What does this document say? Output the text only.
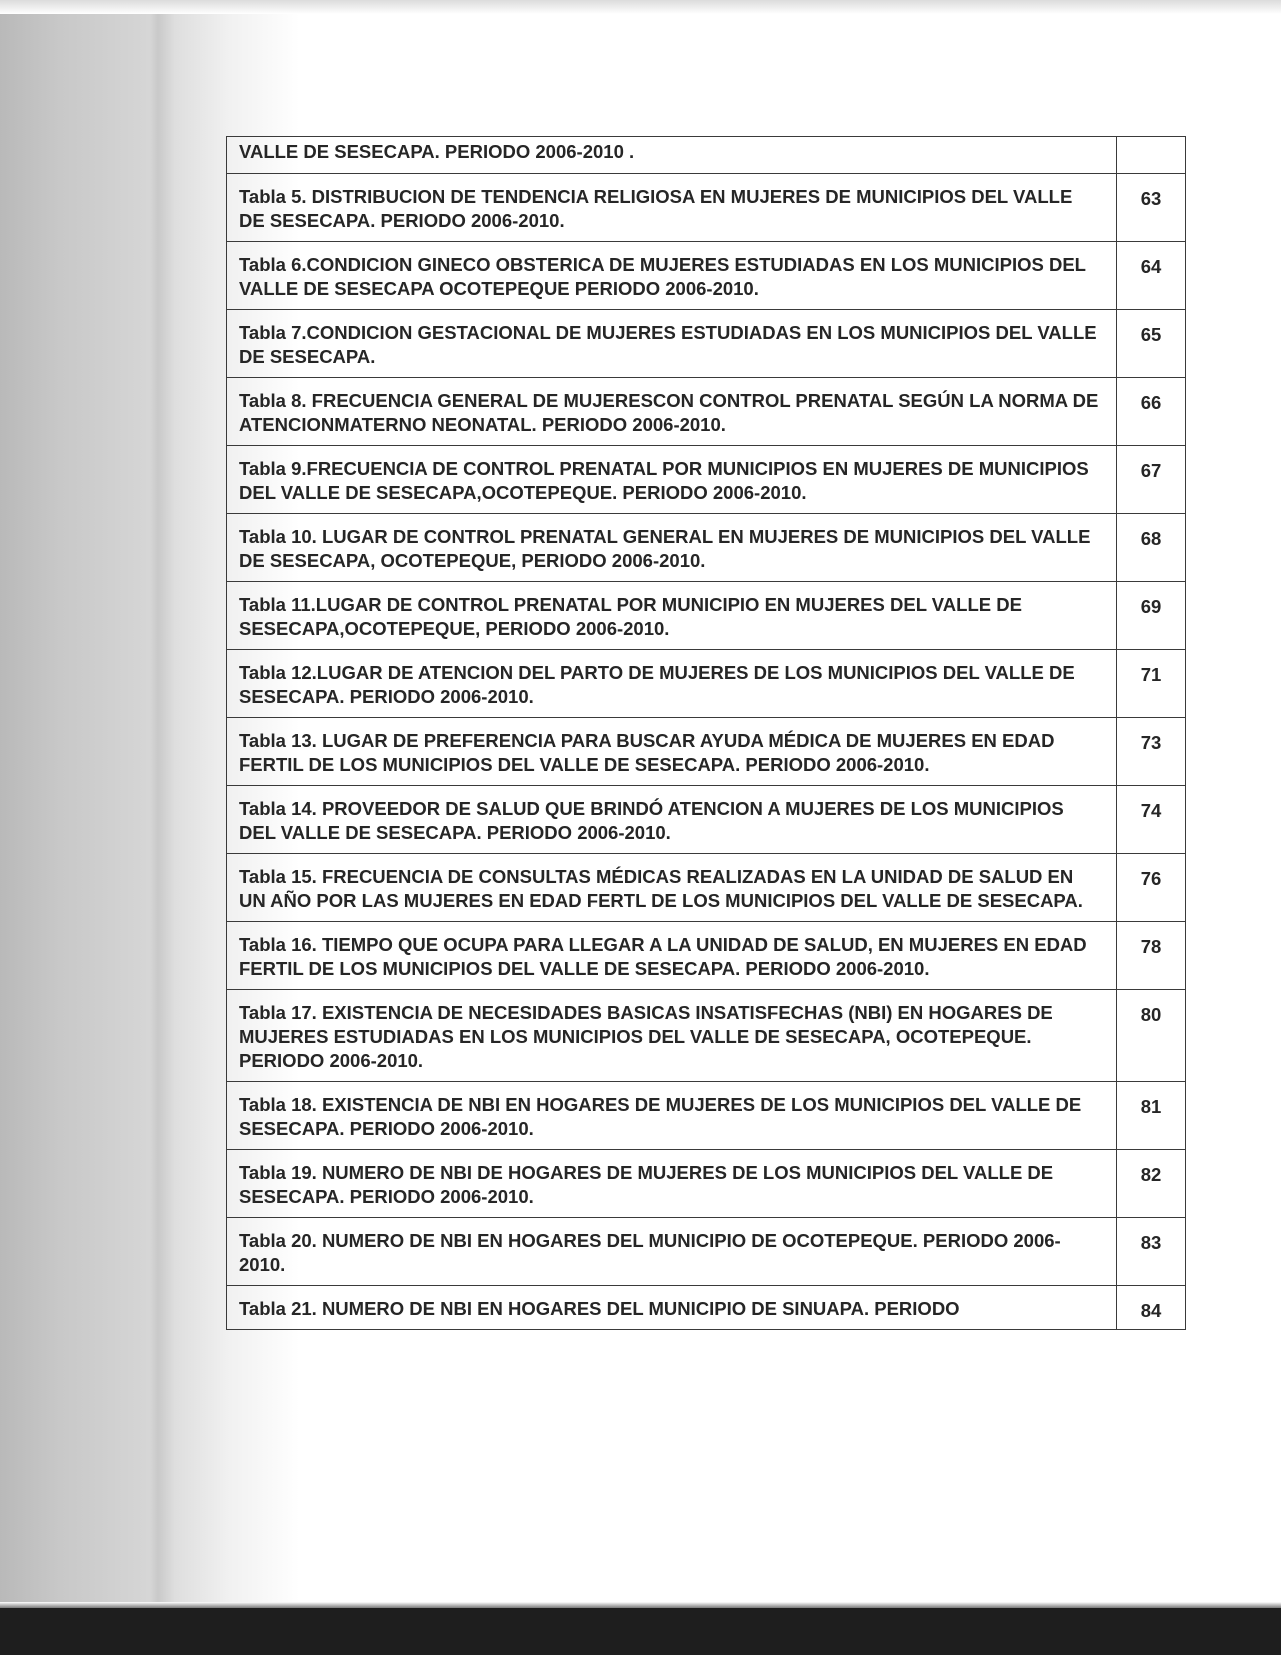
VALLE DE SESECAPA. PERIODO 2006-2010 .	
Tabla 5. DISTRIBUCION DE TENDENCIA RELIGIOSA EN MUJERES DE MUNICIPIOS DEL VALLE DE SESECAPA. PERIODO 2006-2010.	63
Tabla 6.CONDICION GINECO OBSTERICA DE MUJERES ESTUDIADAS EN LOS MUNICIPIOS DEL VALLE DE SESECAPA OCOTEPEQUE PERIODO 2006-2010.	64
Tabla 7.CONDICION GESTACIONAL DE MUJERES ESTUDIADAS EN LOS MUNICIPIOS DEL VALLE DE SESECAPA.	65
Tabla 8. FRECUENCIA GENERAL DE MUJERESCON CONTROL PRENATAL SEGÚN LA NORMA DE ATENCIONMATERNO NEONATAL. PERIODO 2006-2010.	66
Tabla 9.FRECUENCIA DE CONTROL PRENATAL POR MUNICIPIOS EN MUJERES DE MUNICIPIOS DEL VALLE DE SESECAPA,OCOTEPEQUE. PERIODO 2006-2010.	67
Tabla 10. LUGAR DE CONTROL PRENATAL GENERAL EN MUJERES DE MUNICIPIOS DEL VALLE DE SESECAPA, OCOTEPEQUE, PERIODO 2006-2010.	68
Tabla 11.LUGAR DE CONTROL PRENATAL POR MUNICIPIO EN MUJERES DEL VALLE DE SESECAPA,OCOTEPEQUE, PERIODO 2006-2010.	69
Tabla 12.LUGAR DE ATENCION DEL PARTO DE MUJERES DE LOS MUNICIPIOS DEL VALLE DE SESECAPA. PERIODO 2006-2010.	71
Tabla 13. LUGAR DE PREFERENCIA PARA BUSCAR AYUDA MÉDICA DE MUJERES EN EDAD FERTIL DE LOS MUNICIPIOS DEL VALLE DE SESECAPA. PERIODO 2006-2010.	73
Tabla 14. PROVEEDOR DE SALUD QUE BRINDÓ ATENCION A MUJERES DE LOS MUNICIPIOS DEL VALLE DE SESECAPA. PERIODO 2006-2010.	74
Tabla 15. FRECUENCIA DE CONSULTAS MÉDICAS REALIZADAS EN LA UNIDAD DE SALUD EN UN AÑO POR LAS MUJERES EN EDAD FERTL DE LOS MUNICIPIOS DEL VALLE DE SESECAPA.	76
Tabla 16. TIEMPO QUE OCUPA PARA LLEGAR A LA UNIDAD DE SALUD, EN MUJERES EN EDAD FERTIL DE LOS MUNICIPIOS DEL VALLE DE SESECAPA. PERIODO 2006-2010.	78
Tabla 17. EXISTENCIA DE NECESIDADES BASICAS INSATISFECHAS (NBI) EN HOGARES DE MUJERES ESTUDIADAS EN LOS MUNICIPIOS DEL VALLE DE SESECAPA, OCOTEPEQUE. PERIODO 2006-2010.	80
Tabla 18. EXISTENCIA DE NBI EN HOGARES DE MUJERES DE LOS MUNICIPIOS DEL VALLE DE SESECAPA. PERIODO 2006-2010.	81
Tabla 19. NUMERO DE NBI DE HOGARES DE MUJERES DE LOS MUNICIPIOS DEL VALLE DE SESECAPA. PERIODO 2006-2010.	82
Tabla 20. NUMERO DE NBI EN HOGARES DEL MUNICIPIO DE OCOTEPEQUE. PERIODO 2006-2010.	83
Tabla 21. NUMERO DE NBI EN HOGARES DEL MUNICIPIO DE SINUAPA. PERIODO	84
